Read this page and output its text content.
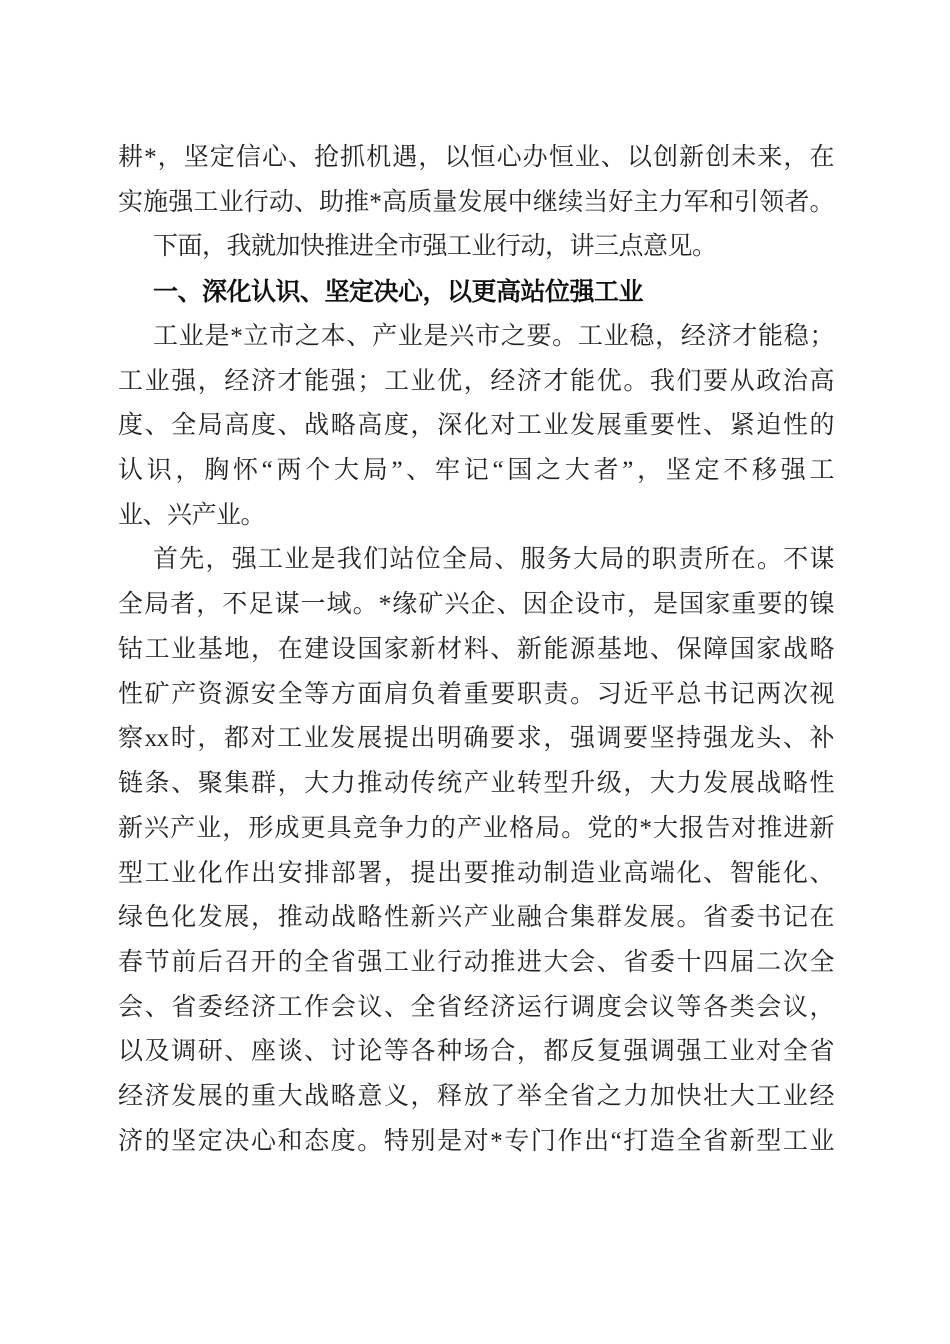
耕*，坚定信心、抢抓机遇，以恒心办恒业、以创新创未来，在
实施强工业行动、助推*高质量发展中继续当好主力军和引领者。
下面，我就加快推进全市强工业行动，讲三点意见。
一、深化认识、坚定决心，以更高站位强工业
工业是*立市之本、产业是兴市之要。工业稳，经济才能稳；
工业强，经济才能强；工业优，经济才能优。我们要从政治高
度、全局高度、战略高度，深化对工业发展重要性、紧迫性的
认识，胸怀“两个大局”、牢记“国之大者”，坚定不移强工
业、兴产业。
首先，强工业是我们站位全局、服务大局的职责所在。不谋
全局者，不足谋一域。*缘矿兴企、因企设市，是国家重要的镍
钴工业基地，在建设国家新材料、新能源基地、保障国家战略
性矿产资源安全等方面肩负着重要职责。习近平总书记两次视
察xx时，都对工业发展提出明确要求，强调要坚持强龙头、补
链条、聚集群，大力推动传统产业转型升级，大力发展战略性
新兴产业，形成更具竞争力的产业格局。党的*大报告对推进新
型工业化作出安排部署，提出要推动制造业高端化、智能化、
绿色化发展，推动战略性新兴产业融合集群发展。省委书记在
春节前后召开的全省强工业行动推进大会、省委十四届二次全
会、省委经济工作会议、全省经济运行调度会议等各类会议，
以及调研、座谈、讨论等各种场合，都反复强调强工业对全省
经济发展的重大战略意义，释放了举全省之力加快壮大工业经
济的坚定决心和态度。特别是对*专门作出“打造全省新型工业
